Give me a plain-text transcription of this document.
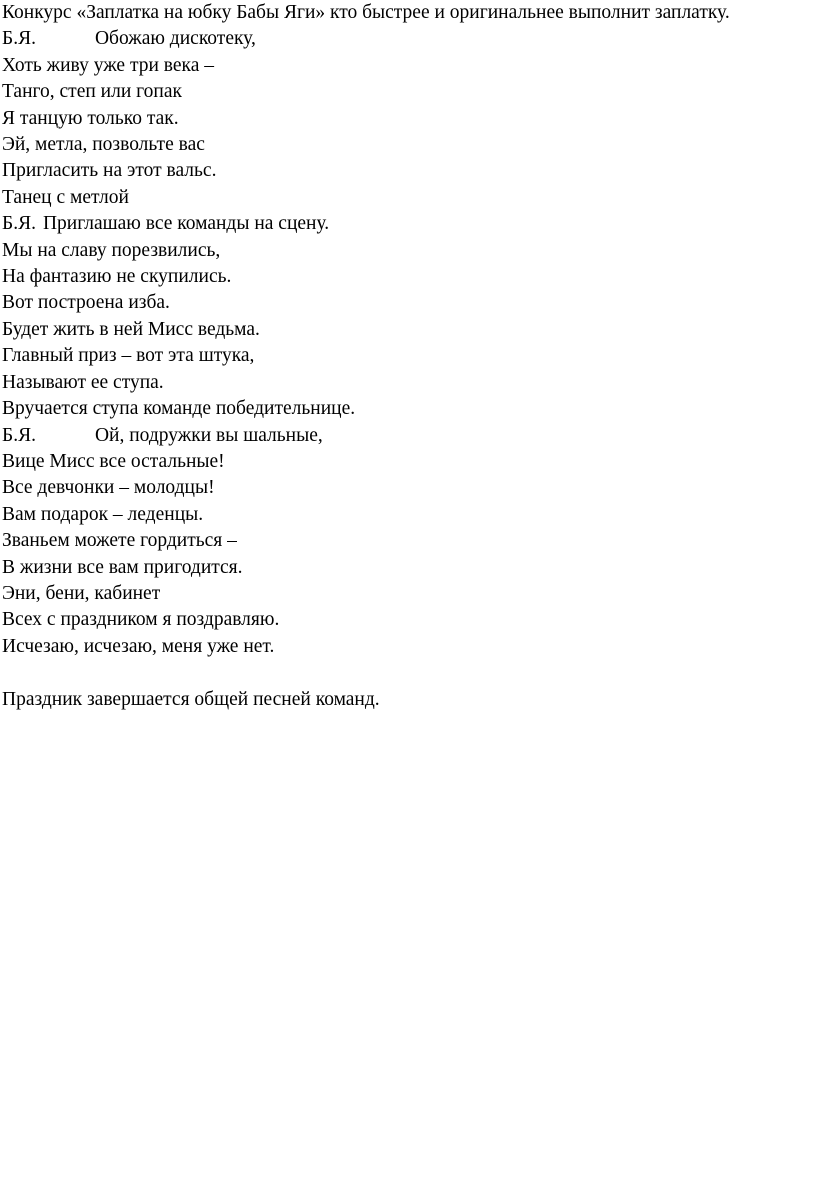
Конкурс «Заплатка на юбку Бабы Яги» кто быстрее и оригинальнее выполнит заплатку.

Б.Я.	Обожаю дискотеку,

Хоть живу уже три века –

Танго, степ или гопак

Я танцую только так.

Эй, метла, позвольте вас

Пригласить на этот вальс.

Танец с метлой

Б.Я. Приглашаю все команды на сцену.

Мы на славу порезвились,

На фантазию не скупились.

Вот построена изба.

Будет жить в ней Мисс ведьма.

Главный приз – вот эта штука,

Называют ее ступа.

Вручается ступа команде победительнице.

Б.Я.	Ой, подружки вы шальные,

Вице Мисс все остальные!

Все девчонки – молодцы!

Вам подарок – леденцы.

Званьем можете гордиться –

В жизни все вам пригодится.

Эни, бени, кабинет

Всех с праздником я поздравляю.

Исчезаю, исчезаю, меня уже нет.

Праздник завершается общей песней команд.
